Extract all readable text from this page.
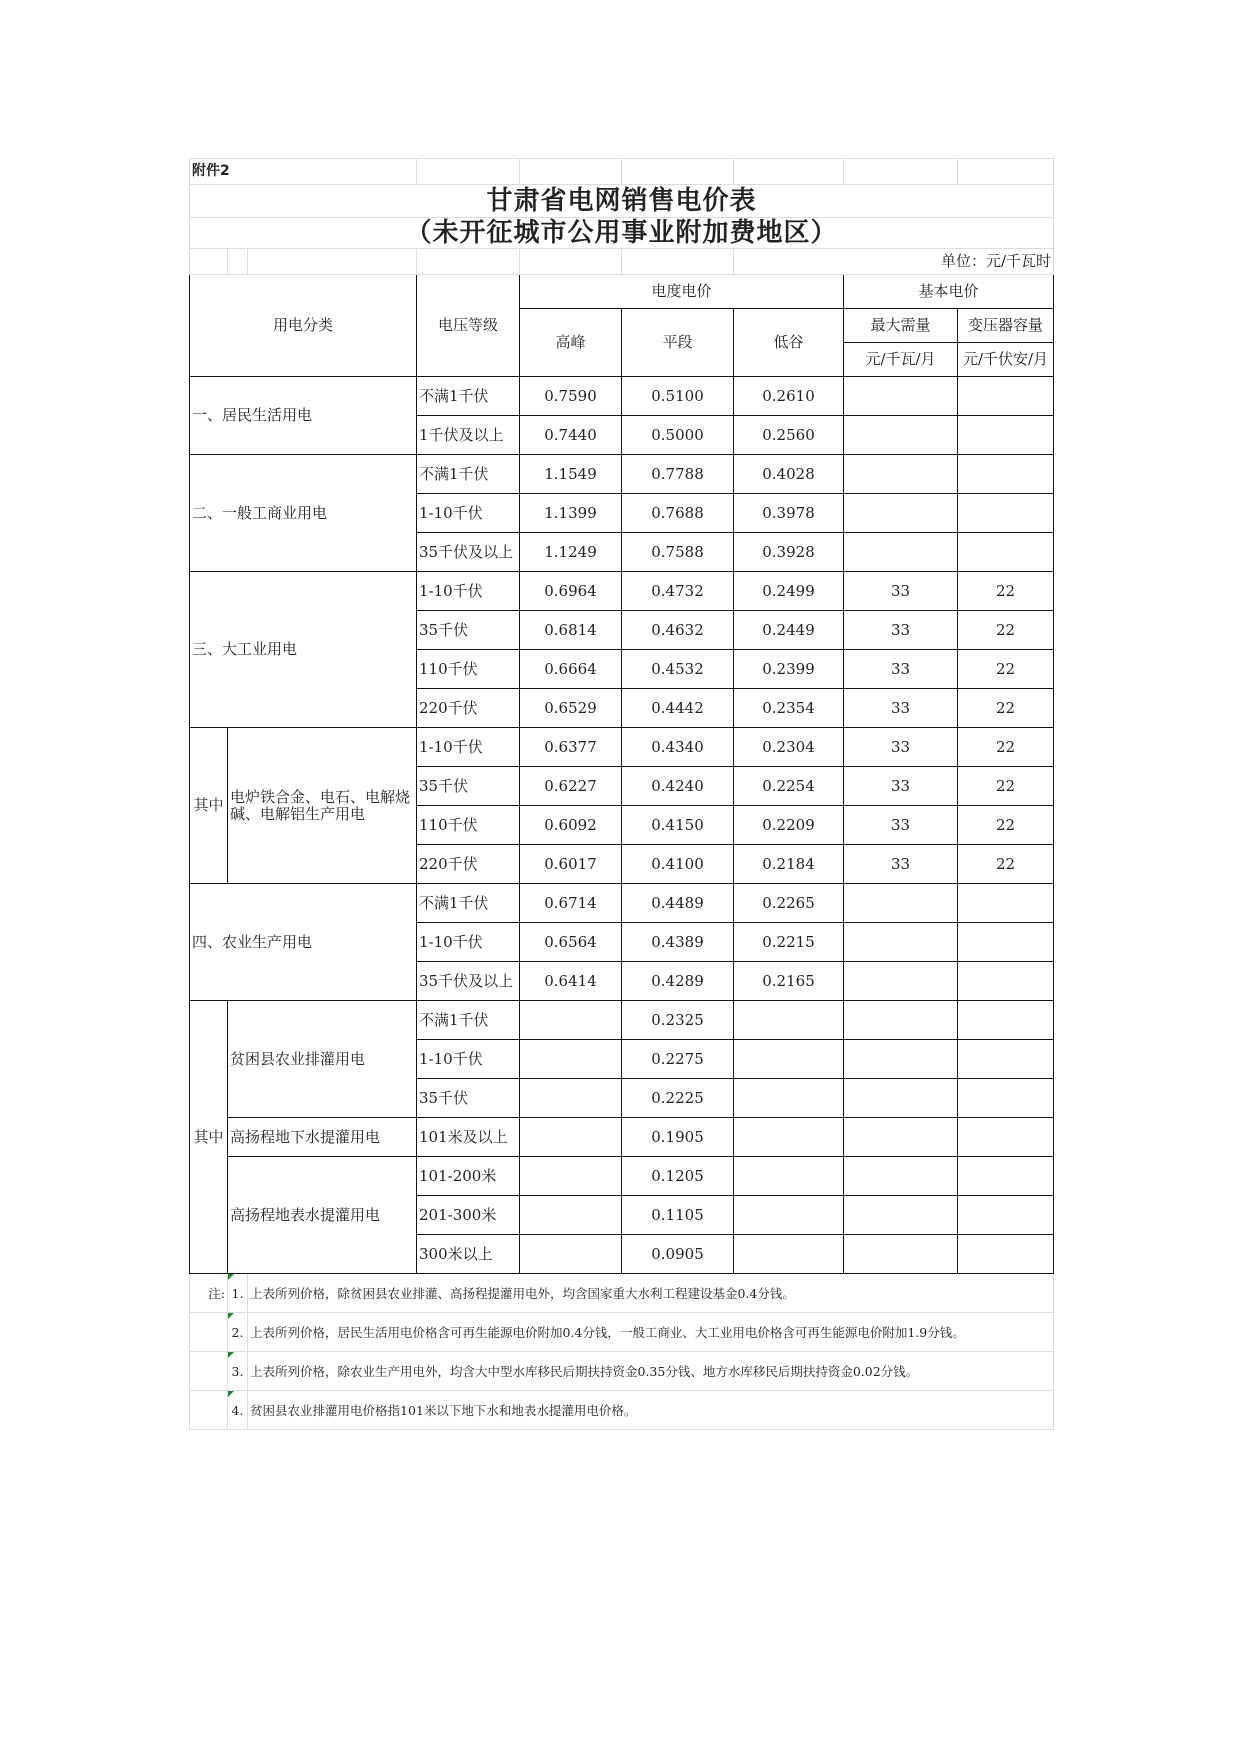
附件2								
甘肃省电网销售电价表								
（未开征城市公用事业附加费地区）								
						单位：元/千瓦时		
用电分类			电压等级	电度电价			基本电价	
				高峰	平段	低谷	最大需量	变压器容量
							元/千瓦/月	元/千伏安/月
一、居民生活用电			不满1千伏	0.7590	0.5100	0.2610		
			1千伏及以上	0.7440	0.5000	0.2560		
二、一般工商业用电			不满1千伏	1.1549	0.7788	0.4028		
			1-10千伏	1.1399	0.7688	0.3978		
			35千伏及以上	1.1249	0.7588	0.3928		
三、大工业用电			1-10千伏	0.6964	0.4732	0.2499	33	22
			35千伏	0.6814	0.4632	0.2449	33	22
			110千伏	0.6664	0.4532	0.2399	33	22
			220千伏	0.6529	0.4442	0.2354	33	22
其中	电炉铁合金、电石、电解烧碱、电解铝生产用电		1-10千伏	0.6377	0.4340	0.2304	33	22
			35千伏	0.6227	0.4240	0.2254	33	22
			110千伏	0.6092	0.4150	0.2209	33	22
			220千伏	0.6017	0.4100	0.2184	33	22
四、农业生产用电			不满1千伏	0.6714	0.4489	0.2265		
			1-10千伏	0.6564	0.4389	0.2215		
			35千伏及以上	0.6414	0.4289	0.2165		
其中	贫困县农业排灌用电		不满1千伏		0.2325			
			1-10千伏		0.2275			
			35千伏		0.2225			
	高扬程地下水提灌用电		101米及以上		0.1905			
	高扬程地表水提灌用电		101-200米		0.1205			
			201-300米		0.1105			
			300米以上		0.0905			
注:	1.	上表所列价格，除贫困县农业排灌、高扬程提灌用电外，均含国家重大水利工程建设基金0.4分钱。						
	2.	上表所列价格，居民生活用电价格含可再生能源电价附加0.4分钱，一般工商业、大工业用电价格含可再生能源电价附加1.9分钱。						
	3.	上表所列价格，除农业生产用电外，均含大中型水库移民后期扶持资金0.35分钱、地方水库移民后期扶持资金0.02分钱。						
	4.	贫困县农业排灌用电价格指101米以下地下水和地表水提灌用电价格。						
